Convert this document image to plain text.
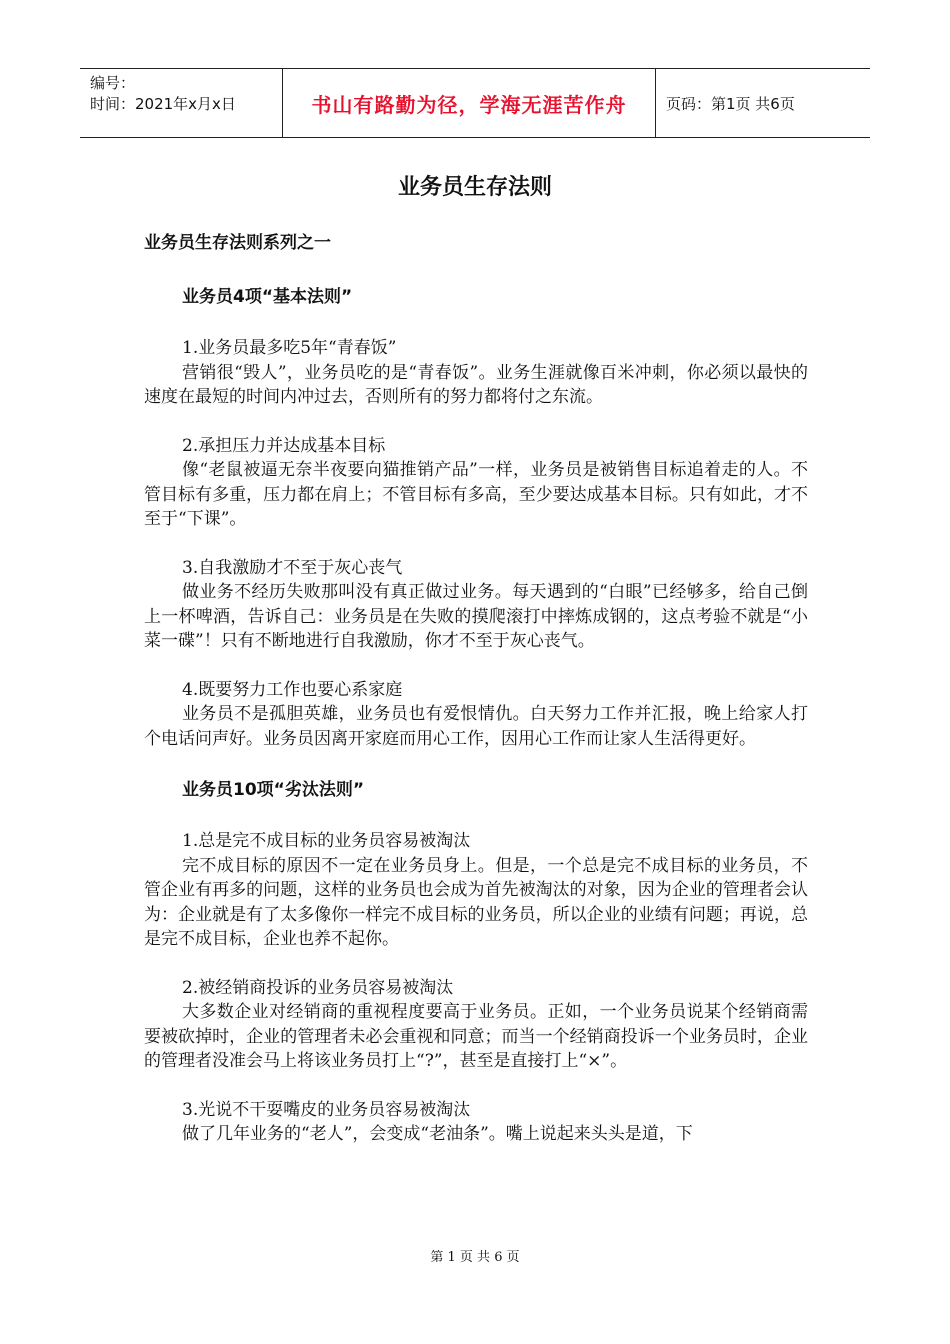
编号：
时间：2021年x月x日	书山有路勤为径，学海无涯苦作舟	页码：第1页 共6页
业务员生存法则
业务员生存法则系列之一
业务员4项“基本法则”

1.业务员最多吃5年“青春饭”

营销很“毁人”，业务员吃的是“青春饭”。业务生涯就像百米冲刺，你必须以最快的速度在最短的时间内冲过去，否则所有的努力都将付之东流。

2.承担压力并达成基本目标

像“老鼠被逼无奈半夜要向猫推销产品”一样，业务员是被销售目标追着走的人。不管目标有多重，压力都在肩上；不管目标有多高，至少要达成基本目标。只有如此，才不至于“下课”。

3.自我激励才不至于灰心丧气

做业务不经历失败那叫没有真正做过业务。每天遇到的“白眼”已经够多，给自己倒上一杯啤酒，告诉自己：业务员是在失败的摸爬滚打中摔炼成钢的，这点考验不就是“小菜一碟”！只有不断地进行自我激励，你才不至于灰心丧气。

4.既要努力工作也要心系家庭

业务员不是孤胆英雄，业务员也有爱恨情仇。白天努力工作并汇报，晚上给家人打个电话问声好。业务员因离开家庭而用心工作，因用心工作而让家人生活得更好。

业务员10项“劣汰法则”

1.总是完不成目标的业务员容易被淘汰

完不成目标的原因不一定在业务员身上。但是，一个总是完不成目标的业务员，不管企业有再多的问题，这样的业务员也会成为首先被淘汰的对象，因为企业的管理者会认为：企业就是有了太多像你一样完不成目标的业务员，所以企业的业绩有问题；再说，总是完不成目标，企业也养不起你。

2.被经销商投诉的业务员容易被淘汰

大多数企业对经销商的重视程度要高于业务员。正如，一个业务员说某个经销商需要被砍掉时，企业的管理者未必会重视和同意；而当一个经销商投诉一个业务员时，企业的管理者没准会马上将该业务员打上“?”，甚至是直接打上“×”。

3.光说不干耍嘴皮的业务员容易被淘汰

做了几年业务的“老人”，会变成“老油条”。嘴上说起来头头是道，下

第 1 页 共 6 页
